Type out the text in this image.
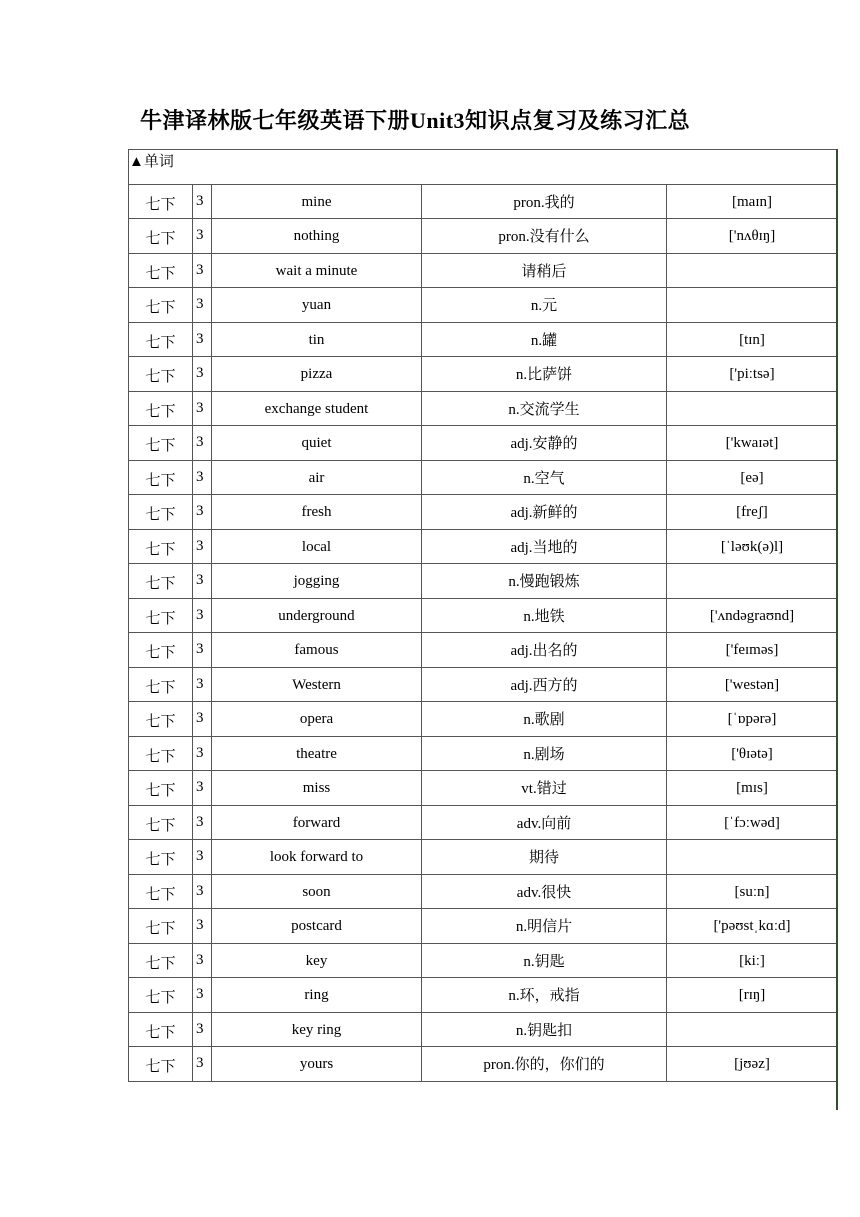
牛津译林版七年级英语下册Unit3知识点复习及练习汇总
▲单词				
七下	3	mine	pron.我的	[maɪn]
七下	3	nothing	pron.没有什么	['nʌθɪŋ]
七下	3	wait a minute	请稍后	
七下	3	yuan	n.元	
七下	3	tin	n.罐	[tɪn]
七下	3	pizza	n.比萨饼	['piːtsə]
七下	3	exchange student	n.交流学生	
七下	3	quiet	adj.安静的	['kwaɪət]
七下	3	air	n.空气	[eə]
七下	3	fresh	adj.新鲜的	[freʃ]
七下	3	local	adj.当地的	[ˈləʊk(ə)l]
七下	3	jogging	n.慢跑锻炼	
七下	3	underground	n.地铁	['ʌndəgraʊnd]
七下	3	famous	adj.出名的	['feɪməs]
七下	3	Western	adj.西方的	['westən]
七下	3	opera	n.歌剧	[ˈɒpərə]
七下	3	theatre	n.剧场	['θɪətə]
七下	3	miss	vt.错过	[mɪs]
七下	3	forward	adv.向前	[ˈfɔːwəd]
七下	3	look forward to	期待	
七下	3	soon	adv.很快	[suːn]
七下	3	postcard	n.明信片	['pəʊstˌkɑːd]
七下	3	key	n.钥匙	[kiː]
七下	3	ring	n.环，戒指	[rɪŋ]
七下	3	key ring	n.钥匙扣	
七下	3	yours	pron.你的，你们的	[jʊəz]
